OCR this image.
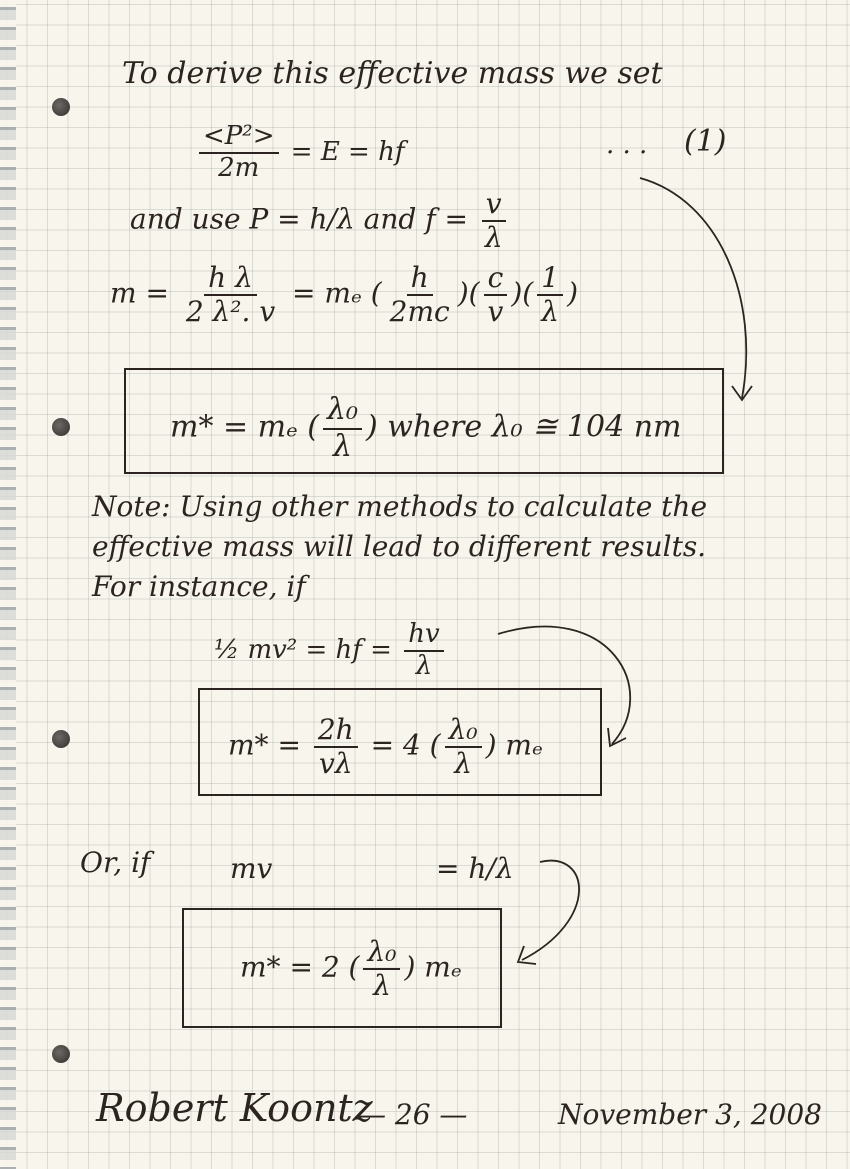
To derive this effective mass we set
$\frac{\text{<P²>}}{2m} = E$ = hf	. . . (1)
and use P = h/λ and $f = \frac{v}{\lambda}$
$m = \frac{\text{h λ}}{\text{2 λ². v}} = m_e$ ( $\frac{h}{2mc}$ )( $\frac{c}{v}$ )( $\frac{1}{\lambda}$ )
m* = mₑ ( $\frac{\text{λ₀}}{\lambda}$ ) where λ₀ ≅ 104 nm
Note: Using other methods to calculate the
effective mass will lead to different results.
For instance, if
½ mv² = hf = $\frac{hv}{\lambda}$
$m* = \frac{2h}{v\lambda} = 4$ ( $\frac{\text{λ₀}}{\lambda}$ ) mₑ
Or, if	mv	= h/λ
m* = 2 ( $\frac{\text{λ₀}}{\lambda}$ ) mₑ
Robert Koontz
— 26 —	November 3, 2008
